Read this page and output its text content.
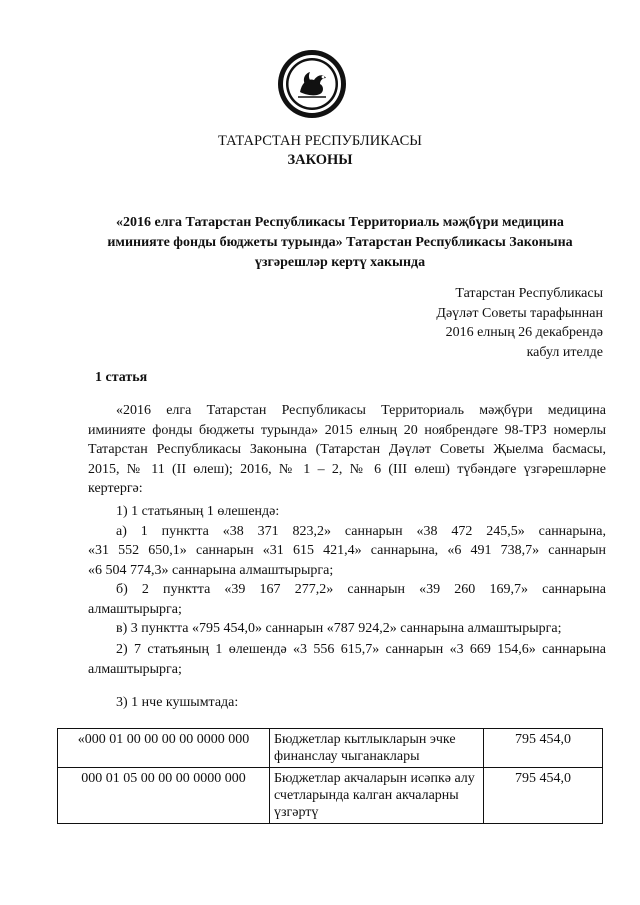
ТАТАРСТАН РЕСПУБЛИКАСЫ
ЗАКОНЫ
«2016 елга Татарстан Республикасы Территориаль мәҗбүри медицина
иминияте фонды бюджеты турында» Татарстан Республикасы Законына
үзгәрешләр кертү хакында
Татарстан Республикасы
Дәүләт Советы тарафыннан
2016 елның 26 декабрендә
кабул ителде
1 статья
«2016 елга Татарстан Республикасы Территориаль мәҗбүри медицина
иминияте фонды бюджеты турында» 2015 елның 20 ноябрендәге 98-ТРЗ номерлы
Татарстан Республикасы Законына (Татарстан Дәүләт Советы Җыелма басмасы,
2015, № 11 (II өлеш); 2016, № 1 – 2, № 6 (III өлеш) түбәндәге үзгәрешләрне
кертергә:
1) 1 статьяның 1 өлешендә:
а) 1 пунктта «38 371 823,2» саннарын «38 472 245,5» саннарына,
«31 552 650,1» саннарын «31 615 421,4» саннарына, «6 491 738,7» саннарын
«6 504 774,3» саннарына алмаштырырга;
б) 2 пунктта «39 167 277,2» саннарын «39 260 169,7» саннарына
алмаштырырга;
в) 3 пунктта «795 454,0» саннарын «787 924,2» саннарына алмаштырырга;
2) 7 статьяның 1 өлешендә «3 556 615,7» саннарын «3 669 154,6» саннарына
алмаштырырга;
3) 1 нче кушымтада:
«000 01 00 00 00 00 0000 000	Бюджетлар кытлыкларын эчке финанслау чыганаклары	795 454,0
000 01 05 00 00 00 0000 000	Бюджетлар акчаларын исәпкә алу счетларында калган акчаларны үзгәртү	795 454,0
